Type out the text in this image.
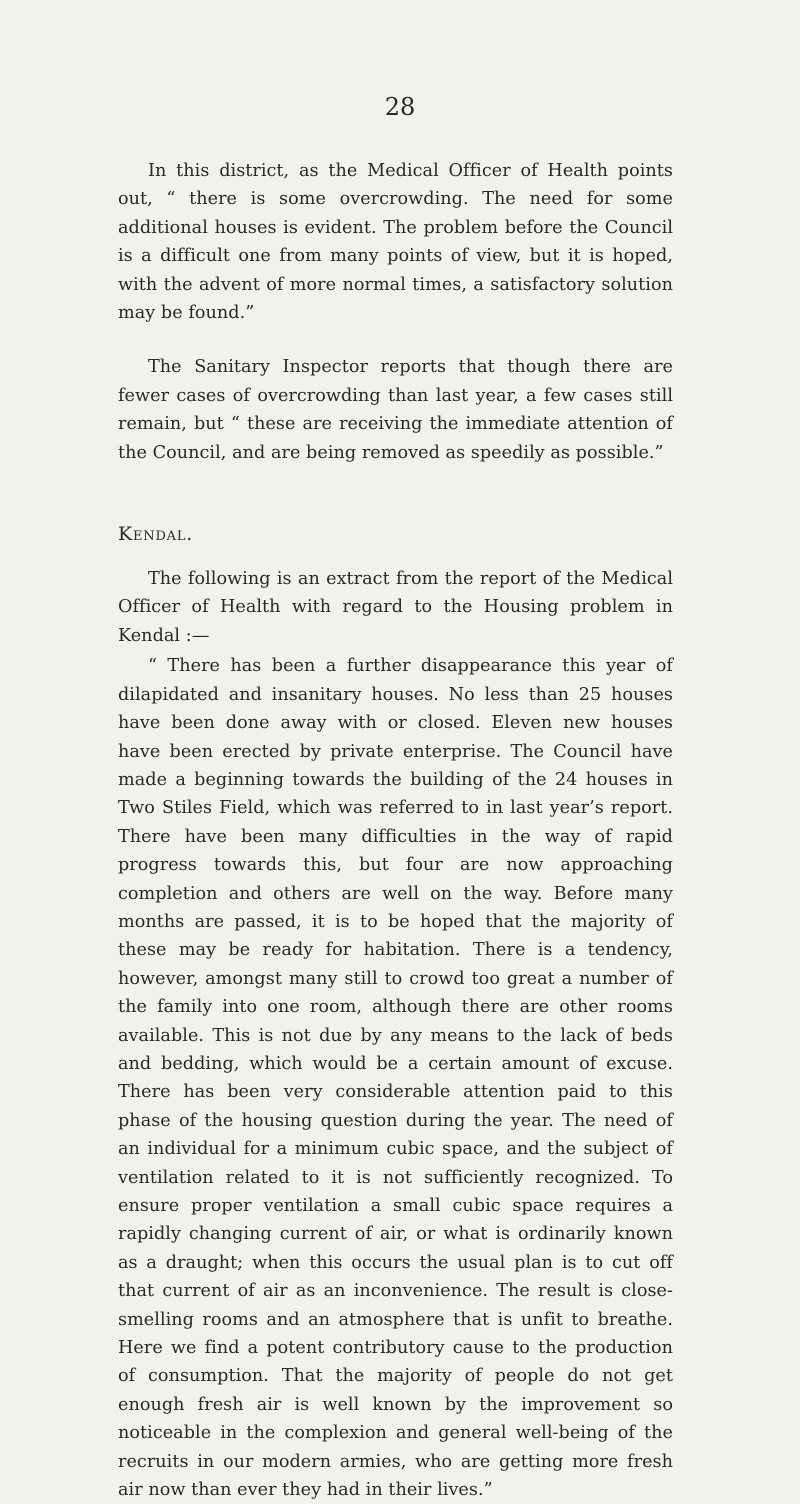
28

In this district, as the Medical Officer of Health points out, “ there is some overcrowding. The need for some additional houses is evident. The problem before the Council is a difficult one from many points of view, but it is hoped, with the advent of more normal times, a satisfactory solution may be found.”

The Sanitary Inspector reports that though there are fewer cases of overcrowding than last year, a few cases still remain, but “ these are receiving the immediate attention of the Council, and are being removed as speedily as possible.”

Kendal.

The following is an extract from the report of the Medical Officer of Health with regard to the Housing problem in Kendal :—

“ There has been a further disappearance this year of dilapidated and insanitary houses. No less than 25 houses have been done away with or closed. Eleven new houses have been erected by private enterprise. The Council have made a beginning towards the building of the 24 houses in Two Stiles Field, which was referred to in last year’s report. There have been many difficulties in the way of rapid progress towards this, but four are now approaching completion and others are well on the way. Before many months are passed, it is to be hoped that the majority of these may be ready for habitation. There is a tendency, however, amongst many still to crowd too great a number of the family into one room, although there are other rooms available. This is not due by any means to the lack of beds and bedding, which would be a certain amount of excuse. There has been very considerable attention paid to this phase of the housing question during the year. The need of an individual for a minimum cubic space, and the subject of ventilation related to it is not sufficiently recognized. To ensure proper ventilation a small cubic space requires a rapidly changing current of air, or what is ordinarily known as a draught; when this occurs the usual plan is to cut off that current of air as an inconvenience. The result is close-smelling rooms and an atmosphere that is unfit to breathe. Here we find a potent contributory cause to the production of consumption. That the majority of people do not get enough fresh air is well known by the improvement so noticeable in the complexion and general well-being of the recruits in our modern armies, who are getting more fresh air now than ever they had in their lives.”
